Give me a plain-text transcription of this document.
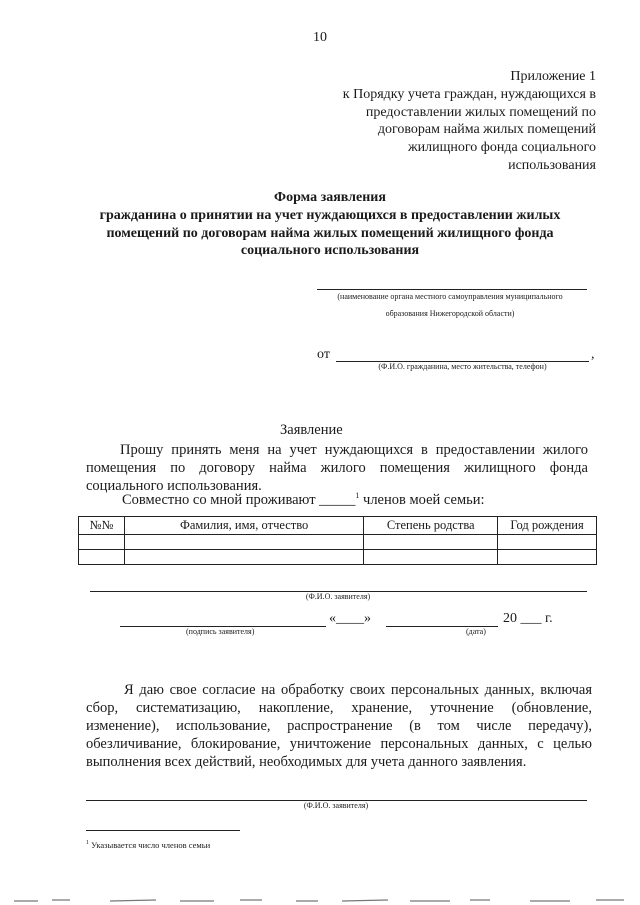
10
Приложение 1
к Порядку учета граждан, нуждающихся в
предоставлении жилых помещений по
договорам найма жилых помещений
жилищного фонда социального
использования
Форма заявления
гражданина о принятии на учет нуждающихся в предоставлении жилых
помещений по договорам найма жилых помещений жилищного фонда
социального использования
(наименование органа местного самоуправления муниципального
образования Нижегородской области)
от	,
(Ф.И.О. гражданина, место жительства, телефон)
Заявление
Прошу принять меня на учет нуждающихся в предоставлении жилого помещения по договору найма жилого помещения жилищного фонда социального использования.
Совместно со мной проживают _____$^1$ членов моей семьи:
№№	Фамилия, имя, отчество	Степень родства	Год рождения

(Ф.И.О. заявителя)
«____»	20 ___ г.
(подпись заявителя)	(дата)
Я даю свое согласие на обработку своих персональных данных, включая сбор, систематизацию, накопление, хранение, уточнение (обновление, изменение), использование, распространение (в том числе передачу), обезличивание, блокирование, уничтожение персональных данных, с целью выполнения всех действий, необходимых для учета данного заявления.
(Ф.И.О. заявителя)
$^1$ Указывается число членов семьи
